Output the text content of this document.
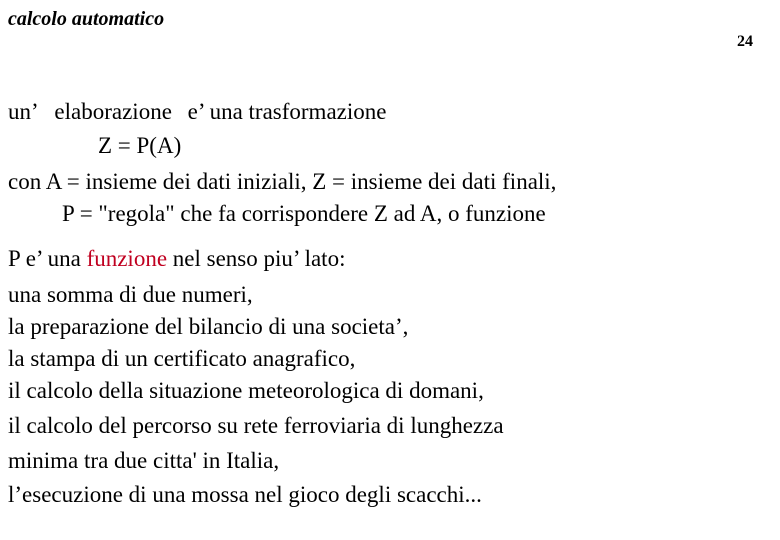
calcolo automatico
24
un’ elaborazione e’ una trasformazione
Z = P(A)
con A = insieme dei dati iniziali, Z = insieme dei dati finali,
P = "regola" che fa corrispondere Z ad A, o funzione
P e’ una funzione nel senso piu’ lato:
una somma di due numeri,
la preparazione del bilancio di una societa’,
la stampa di un certificato anagrafico,
il calcolo della situazione meteorologica di domani,
il calcolo del percorso su rete ferroviaria di lunghezza
minima tra due citta' in Italia,
l’esecuzione di una mossa nel gioco degli scacchi...
